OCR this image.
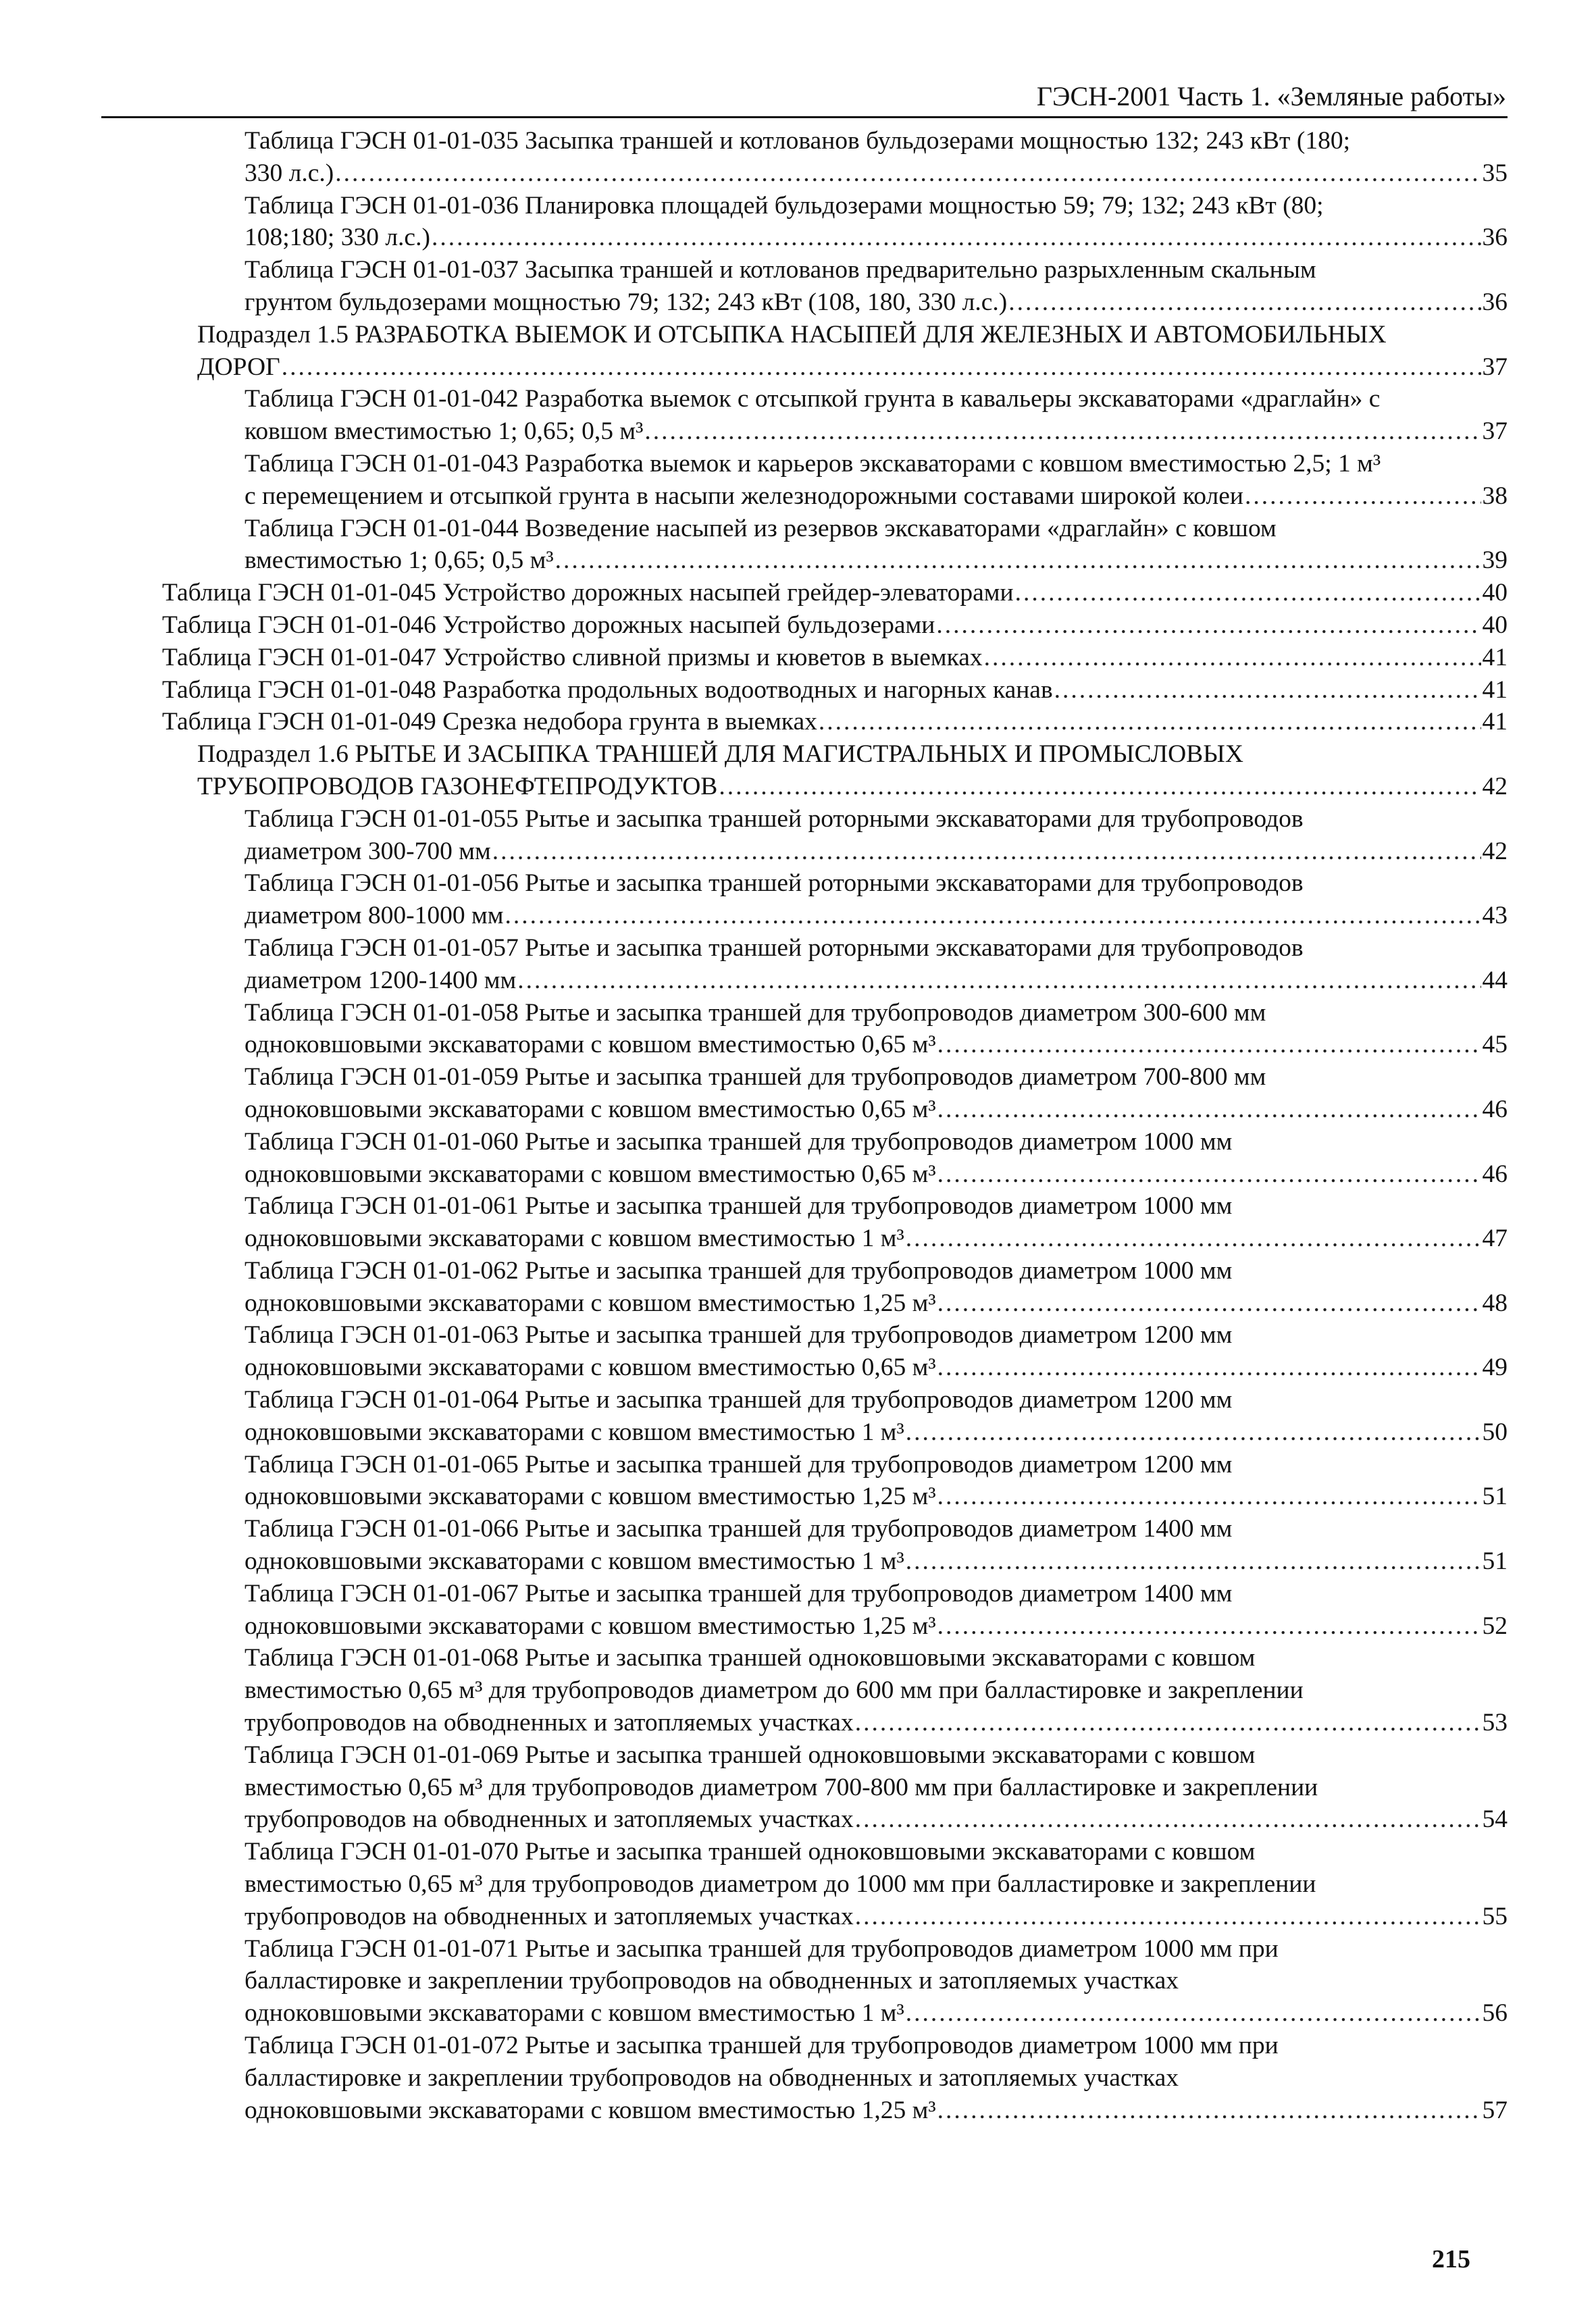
ГЭСН-2001 Часть 1. «Земляные работы»
Таблица ГЭСН 01-01-035 Засыпка траншей и котлованов бульдозерами мощностью 132; 243 кВт (180;
330 л.с.) .....	35
Таблица ГЭСН 01-01-036 Планировка площадей бульдозерами мощностью 59; 79; 132; 243 кВт (80;
108;180; 330 л.с.) .....	36
Таблица ГЭСН 01-01-037 Засыпка траншей и котлованов предварительно разрыхленным скальным
грунтом бульдозерами мощностью 79; 132; 243 кВт (108, 180, 330 л.с.) .....	36
Подраздел 1.5 РАЗРАБОТКА ВЫЕМОК И ОТСЫПКА НАСЫПЕЙ ДЛЯ ЖЕЛЕЗНЫХ И АВТОМОБИЛЬНЫХ
ДОРОГ .....	37
Таблица ГЭСН 01-01-042 Разработка выемок с отсыпкой грунта в кавальеры экскаваторами «драглайн» с
ковшом вместимостью 1; 0,65; 0,5 м³ .....	37
Таблица ГЭСН 01-01-043 Разработка выемок и карьеров экскаваторами с ковшом вместимостью 2,5; 1 м³
с перемещением и отсыпкой грунта в насыпи железнодорожными составами широкой колеи .....	38
Таблица ГЭСН 01-01-044 Возведение насыпей из резервов экскаваторами «драглайн» с ковшом
вместимостью 1; 0,65; 0,5 м³ .....	39
Таблица ГЭСН 01-01-045 Устройство дорожных насыпей грейдер-элеваторами .....	40
Таблица ГЭСН 01-01-046 Устройство дорожных насыпей бульдозерами .....	40
Таблица ГЭСН 01-01-047 Устройство сливной призмы и кюветов в выемках .....	41
Таблица ГЭСН 01-01-048 Разработка продольных водоотводных и нагорных канав .....	41
Таблица ГЭСН 01-01-049 Срезка недобора грунта в выемках .....	41
Подраздел 1.6 РЫТЬЕ И ЗАСЫПКА ТРАНШЕЙ ДЛЯ МАГИСТРАЛЬНЫХ И ПРОМЫСЛОВЫХ
ТРУБОПРОВОДОВ ГАЗОНЕФТЕПРОДУКТОВ .....	42
Таблица ГЭСН 01-01-055 Рытье и засыпка траншей роторными экскаваторами для трубопроводов
диаметром 300-700 мм .....	42
Таблица ГЭСН 01-01-056 Рытье и засыпка траншей роторными экскаваторами для трубопроводов
диаметром 800-1000 мм .....	43
Таблица ГЭСН 01-01-057 Рытье и засыпка траншей роторными экскаваторами для трубопроводов
диаметром 1200-1400 мм .....	44
Таблица ГЭСН 01-01-058 Рытье и засыпка траншей для трубопроводов диаметром 300-600 мм
одноковшовыми экскаваторами с ковшом вместимостью 0,65 м³ .....	45
Таблица ГЭСН 01-01-059 Рытье и засыпка траншей для трубопроводов диаметром 700-800 мм
одноковшовыми экскаваторами с ковшом вместимостью 0,65 м³ .....	46
Таблица ГЭСН 01-01-060 Рытье и засыпка траншей для трубопроводов диаметром 1000 мм
одноковшовыми экскаваторами с ковшом вместимостью 0,65 м³ .....	46
Таблица ГЭСН 01-01-061 Рытье и засыпка траншей для трубопроводов диаметром 1000 мм
одноковшовыми экскаваторами с ковшом вместимостью 1 м³ .....	47
Таблица ГЭСН 01-01-062 Рытье и засыпка траншей для трубопроводов диаметром 1000 мм
одноковшовыми экскаваторами с ковшом вместимостью 1,25 м³ .....	48
Таблица ГЭСН 01-01-063 Рытье и засыпка траншей для трубопроводов диаметром 1200 мм
одноковшовыми экскаваторами с ковшом вместимостью 0,65 м³ .....	49
Таблица ГЭСН 01-01-064 Рытье и засыпка траншей для трубопроводов диаметром 1200 мм
одноковшовыми экскаваторами с ковшом вместимостью 1 м³ .....	50
Таблица ГЭСН 01-01-065 Рытье и засыпка траншей для трубопроводов диаметром 1200 мм
одноковшовыми экскаваторами с ковшом вместимостью 1,25 м³ .....	51
Таблица ГЭСН 01-01-066 Рытье и засыпка траншей для трубопроводов диаметром 1400 мм
одноковшовыми экскаваторами с ковшом вместимостью 1 м³ .....	51
Таблица ГЭСН 01-01-067 Рытье и засыпка траншей для трубопроводов диаметром 1400 мм
одноковшовыми экскаваторами с ковшом вместимостью 1,25 м³ .....	52
Таблица ГЭСН 01-01-068 Рытье и засыпка траншей одноковшовыми экскаваторами с ковшом
вместимостью 0,65 м³ для трубопроводов диаметром до 600 мм при балластировке и закреплении
трубопроводов на обводненных и затопляемых участках .....	53
Таблица ГЭСН 01-01-069 Рытье и засыпка траншей одноковшовыми экскаваторами с ковшом
вместимостью 0,65 м³ для трубопроводов диаметром 700-800 мм при балластировке и закреплении
трубопроводов на обводненных и затопляемых участках .....	54
Таблица ГЭСН 01-01-070 Рытье и засыпка траншей одноковшовыми экскаваторами с ковшом
вместимостью 0,65 м³ для трубопроводов диаметром до 1000 мм при балластировке и закреплении
трубопроводов на обводненных и затопляемых участках .....	55
Таблица ГЭСН 01-01-071 Рытье и засыпка траншей для трубопроводов диаметром 1000 мм при
балластировке и закреплении трубопроводов на обводненных и затопляемых участках
одноковшовыми экскаваторами с ковшом вместимостью 1 м³ .....	56
Таблица ГЭСН 01-01-072 Рытье и засыпка траншей для трубопроводов диаметром 1000 мм при
балластировке и закреплении трубопроводов на обводненных и затопляемых участках
одноковшовыми экскаваторами с ковшом вместимостью 1,25 м³ .....	57
215
